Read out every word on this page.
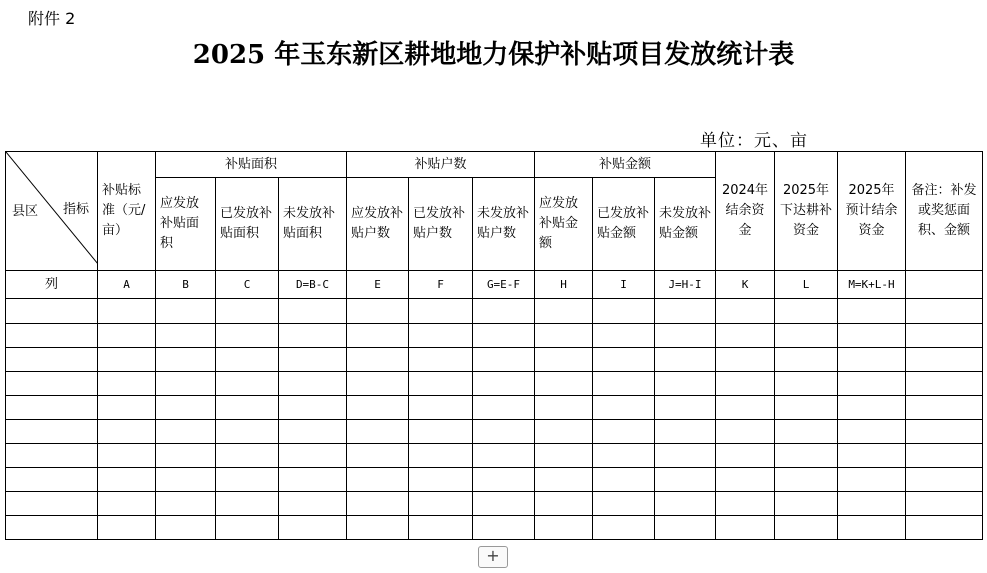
附件 2
2025 年玉东新区耕地地力保护补贴项目发放统计表
单位：元、亩
县区 指标	补贴标准（元/亩）	补贴面积			补贴户数			补贴金额			2024年结余资金	2025年下达耕补资金	2025年预计结余资金	备注：补发或奖惩面积、金额

		应发放补贴面积	已发放补贴面积	未发放补贴面积	应发放补贴户数	已发放补贴户数	未发放补贴户数	应发放补贴金额	已发放补贴金额	未发放补贴金额				

列	A	B	C	D=B-C	E	F	G=E-F	H	I	J=H-I	K	L	M=K+L-H	

+
